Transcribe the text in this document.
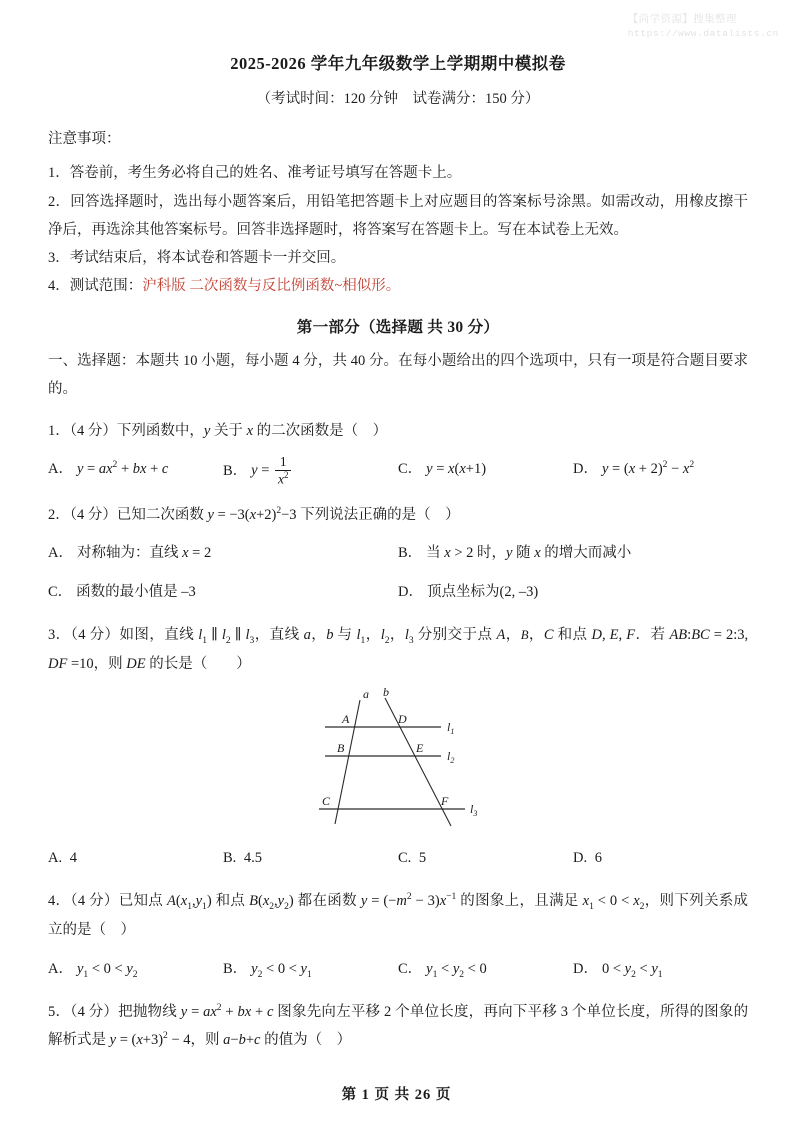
【尚学资源】搜集整理
https://www.datalists.cn
2025-2026 学年九年级数学上学期期中模拟卷
（考试时间：120 分钟　试卷满分：150 分）
注意事项：

1．答卷前，考生务必将自己的姓名、准考证号填写在答题卡上。

2．回答选择题时，选出每小题答案后，用铅笔把答题卡上对应题目的答案标号涂黑。如需改动，用橡皮擦干净后，再选涂其他答案标号。回答非选择题时，将答案写在答题卡上。写在本试卷上无效。

3．考试结束后，将本试卷和答题卡一并交回。

4．测试范围：沪科版 二次函数与反比例函数~相似形。

第一部分（选择题 共 30 分）

一、选择题：本题共 10 小题，每小题 4 分，共 40 分。在每小题给出的四个选项中，只有一项是符合题目要求的。

1．（4 分）下列函数中，y 关于 x 的二次函数是（　）

A． $y = ax^2$ + bx + c	B． $y = \frac{1}{x^2}$	C． y = x(x+1)	D． $y = (x + 2)^2 - x^2$

2．（4 分）已知二次函数 $y = -3(x+2)^2-3$ 下列说法正确的是（　）

A． 对称轴为：直线 x = 2	B． 当 x > 2 时，y 随 x 的增大而减小
C． 函数的最小值是 –3	D． 顶点坐标为(2, –3)

3．（4 分）如图，直线 $l_1$ ∥ $l_2$ ∥ $l_3$，直线 a，b 与 $l_1$，$l_2$，$l_3$ 分别交于点 A，B，C 和点 D, E, F．若 AB:BC = 2:3, DF =10，则 DE 的长是（　　）

a b
A
B
C
D
E
F
l1
l2
l3
A. 4	B. 4.5	C. 5	D. 6

4．（4 分）已知点 $A(x_1,y_1)$ 和点 $B(x_2,y_2)$ 都在函数 $y = (-m^2 - 3)x^{-1}$ 的图象上，且满足 $x_1 < 0 < x_2$，则下列关系成立的是（　）

A． $y_1 < 0 < y_2$	B． $y_2 < 0 < y_1$	C． $y_1 < y_2 < 0$	D． $0 < y_2 < y_1$

5．（4 分）把抛物线 $y = ax^2$ + bx + c 图象先向左平移 2 个单位长度，再向下平移 3 个单位长度，所得的图象的解析式是 $y = (x+3)^2 - 4$，则 a−b+c 的值为（　）

第 1 页 共 26 页
